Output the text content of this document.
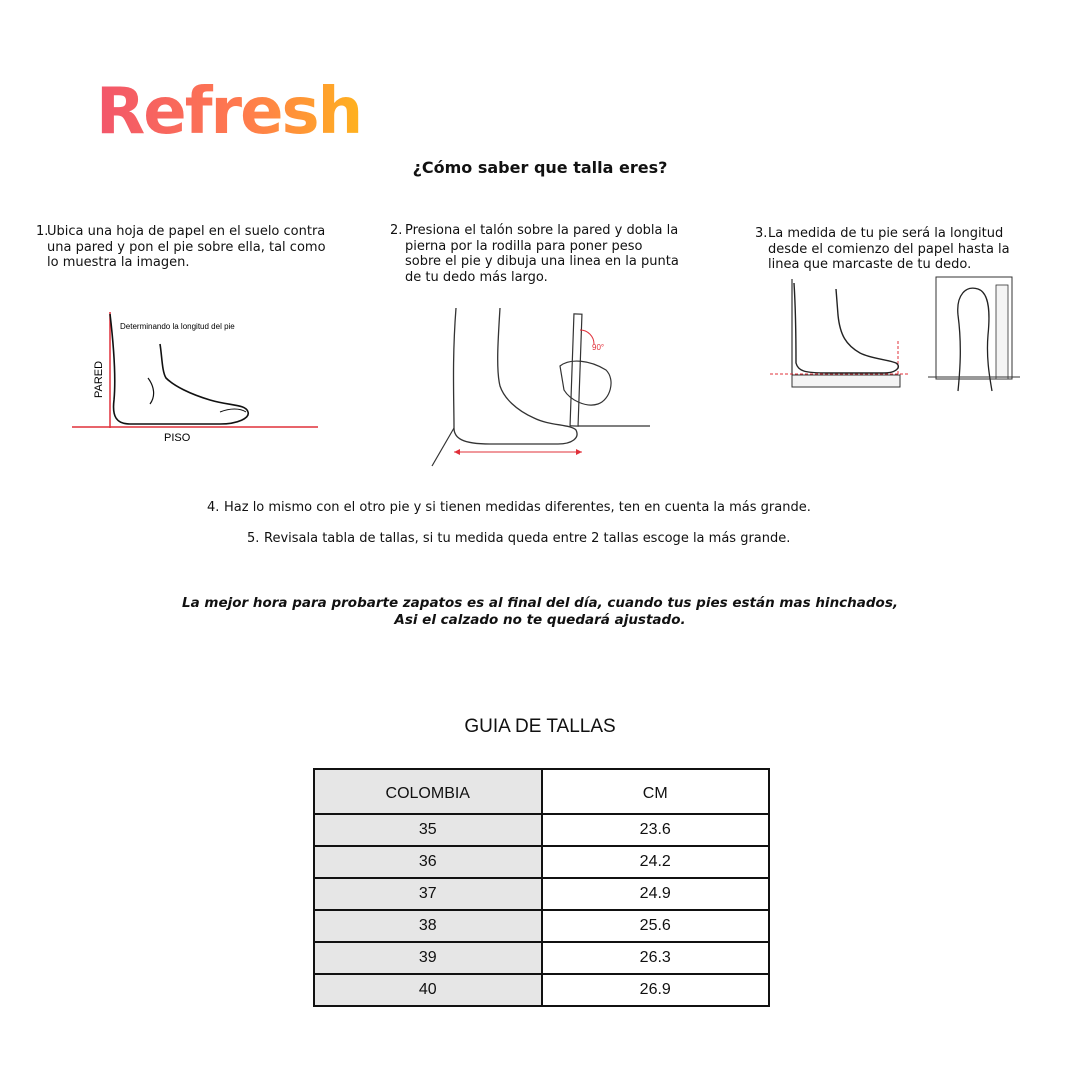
Refresh
¿Cómo saber que talla eres?
1.
Ubica una hoja de papel en el suelo contra una pared y pon el pie sobre ella, tal como lo muestra la imagen.
2. Presiona el talón sobre la pared y dobla la pierna por la rodilla para poner peso sobre el pie y dibuja una linea en la punta de tu dedo más largo.
3. La medida de tu pie será la longitud desde el comienzo del papel hasta la linea que marcaste de tu dedo.
Determinando la longitud del pie
PARED
PISO
90°
4. Haz lo mismo con el otro pie y si tienen medidas diferentes, ten en cuenta la más grande.
5. Revisala tabla de tallas, si tu medida queda entre 2 tallas escoge la más grande.
La mejor hora para probarte zapatos es al final del día, cuando tus pies están mas hinchados, Asi el calzado no te quedará ajustado.
GUIA DE TALLAS
COLOMBIA	CM
35	23.6
36	24.2
37	24.9
38	25.6
39	26.3
40	26.9
